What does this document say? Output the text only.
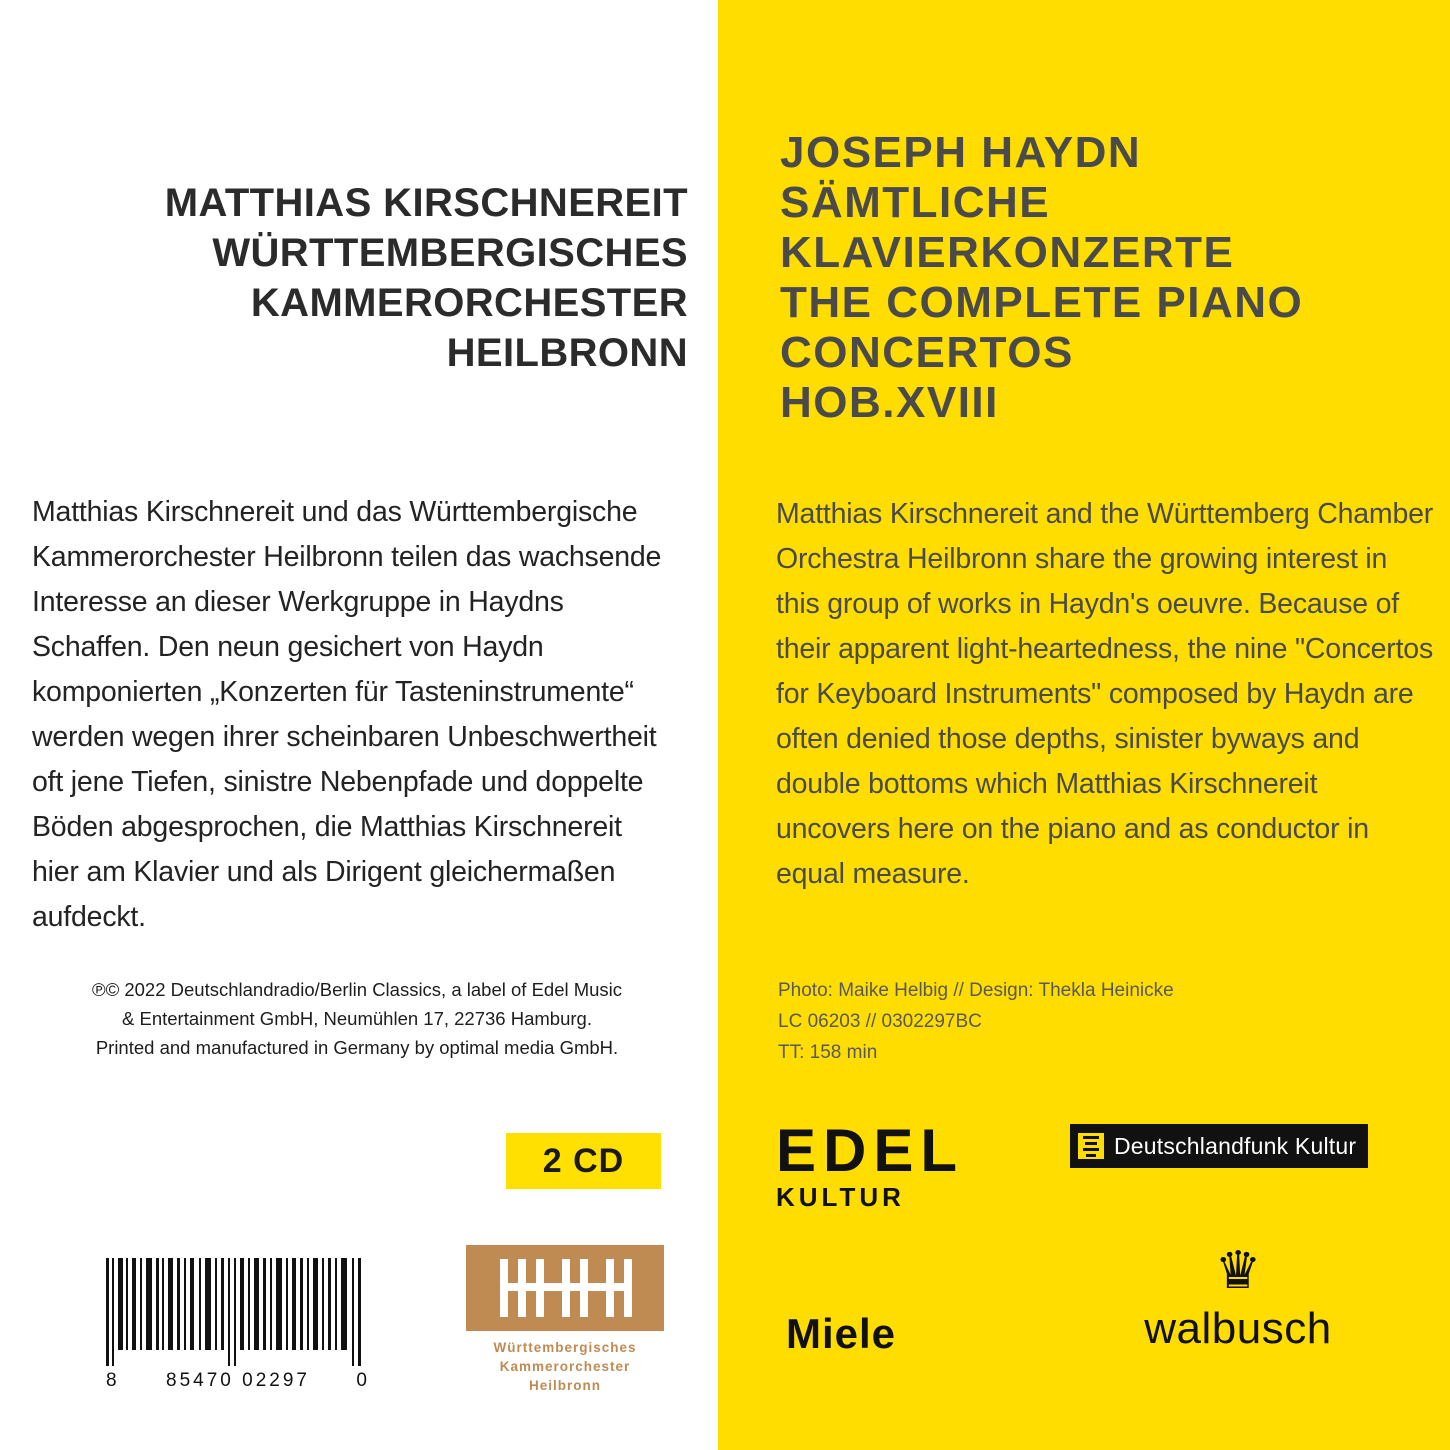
MATTHIAS KIRSCHNEREIT
WÜRTTEMBERGISCHES
KAMMERORCHESTER
HEILBRONN
Matthias Kirschnereit und das Württembergische Kammerorchester Heilbronn teilen das wachsende Interesse an dieser Werkgruppe in Haydns Schaffen. Den neun gesichert von Haydn komponierten „Konzerten für Tasteninstrumente“ werden wegen ihrer scheinbaren Unbeschwertheit oft jene Tiefen, sinistre Nebenpfade und doppelte Böden abgesprochen, die Matthias Kirschnereit hier am Klavier und als Dirigent gleichermaßen aufdeckt.
℗© 2022 Deutschlandradio/Berlin Classics, a label of Edel Music
& Entertainment GmbH, Neumühlen 17, 22736 Hamburg.
Printed and manufactured in Germany by optimal media GmbH.
2 CD
8 85470 02297 0
Württembergisches
Kammerorchester
Heilbronn
JOSEPH HAYDN
SÄMTLICHE
KLAVIERKONZERTE
THE COMPLETE PIANO
CONCERTOS
HOB.XVIII
Matthias Kirschnereit and the Württemberg Chamber Orchestra Heilbronn share the growing interest in this group of works in Haydn's oeuvre. Because of their apparent light-heartedness, the nine "Concertos for Keyboard Instruments" composed by Haydn are often denied those depths, sinister byways and double bottoms which Matthias Kirschnereit uncovers here on the piano and as conductor in equal measure.
Photo: Maike Helbig // Design: Thekla Heinicke
LC 06203 // 0302297BC
TT: 158 min
EDEL
KULTUR
Deutschlandfunk Kultur
Miele
♛
walbusch
